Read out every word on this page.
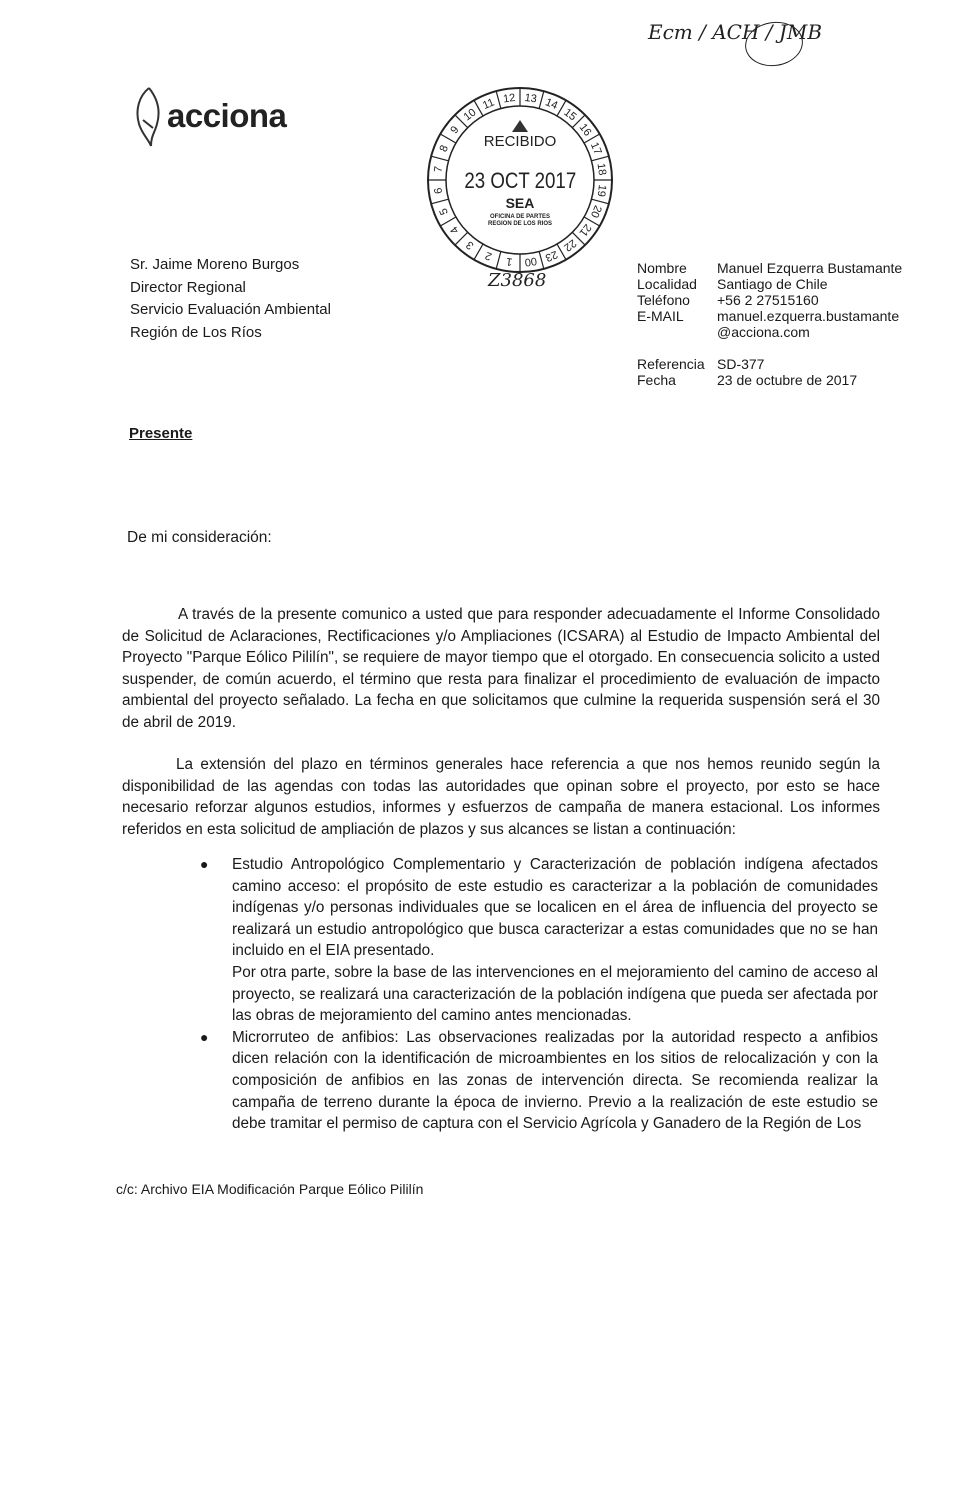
Ecm / ACH / JMB
acciona	12 13 14
15
16
17
18
19
20
21
22
23
00
1
2
3
4
5
6
7
8
9
10
11
RECIBIDO
23 OCT 2017
SEA
OFICINA DE PARTES
REGION DE LOS RIOS
Z3868
Sr. Jaime Moreno Burgos
Director Regional
Servicio Evaluación Ambiental
Región de Los Ríos
Nombre	Manuel Ezquerra Bustamante
Localidad	Santiago de Chile
Teléfono	+56 2 27515160
E-MAIL	manuel.ezquerra.bustamante @acciona.com
Referencia	SD-377
Fecha	23 de octubre de 2017
Presente
De mi consideración:
A través de la presente comunico a usted que para responder adecuadamente el Informe Consolidado de Solicitud de Aclaraciones, Rectificaciones y/o Ampliaciones (ICSARA) al Estudio de Impacto Ambiental del Proyecto "Parque Eólico Pililín", se requiere de mayor tiempo que el otorgado. En consecuencia solicito a usted suspender, de común acuerdo, el término que resta para finalizar el procedimiento de evaluación de impacto ambiental del proyecto señalado. La fecha en que solicitamos que culmine la requerida suspensión será el 30 de abril de 2019.
La extensión del plazo en términos generales hace referencia a que nos hemos reunido según la disponibilidad de las agendas con todas las autoridades que opinan sobre el proyecto, por esto se hace necesario reforzar algunos estudios, informes y esfuerzos de campaña de manera estacional. Los informes referidos en esta solicitud de ampliación de plazos y sus alcances se listan a continuación:
●	Estudio Antropológico Complementario y Caracterización de población indígena afectados camino acceso: el propósito de este estudio es caracterizar a la población de comunidades indígenas y/o personas individuales que se localicen en el área de influencia del proyecto se realizará un estudio antropológico que busca caracterizar a estas comunidades que no se han incluido en el EIA presentado.
Por otra parte, sobre la base de las intervenciones en el mejoramiento del camino de acceso al proyecto, se realizará una caracterización de la población indígena que pueda ser afectada por las obras de mejoramiento del camino antes mencionadas.
●	Microrruteo de anfibios: Las observaciones realizadas por la autoridad respecto a anfibios dicen relación con la identificación de microambientes en los sitios de relocalización y con la composición de anfibios en las zonas de intervención directa. Se recomienda realizar la campaña de terreno durante la época de invierno. Previo a la realización de este estudio se debe tramitar el permiso de captura con el Servicio Agrícola y Ganadero de la Región de Los
c/c: Archivo EIA Modificación Parque Eólico Pililín
